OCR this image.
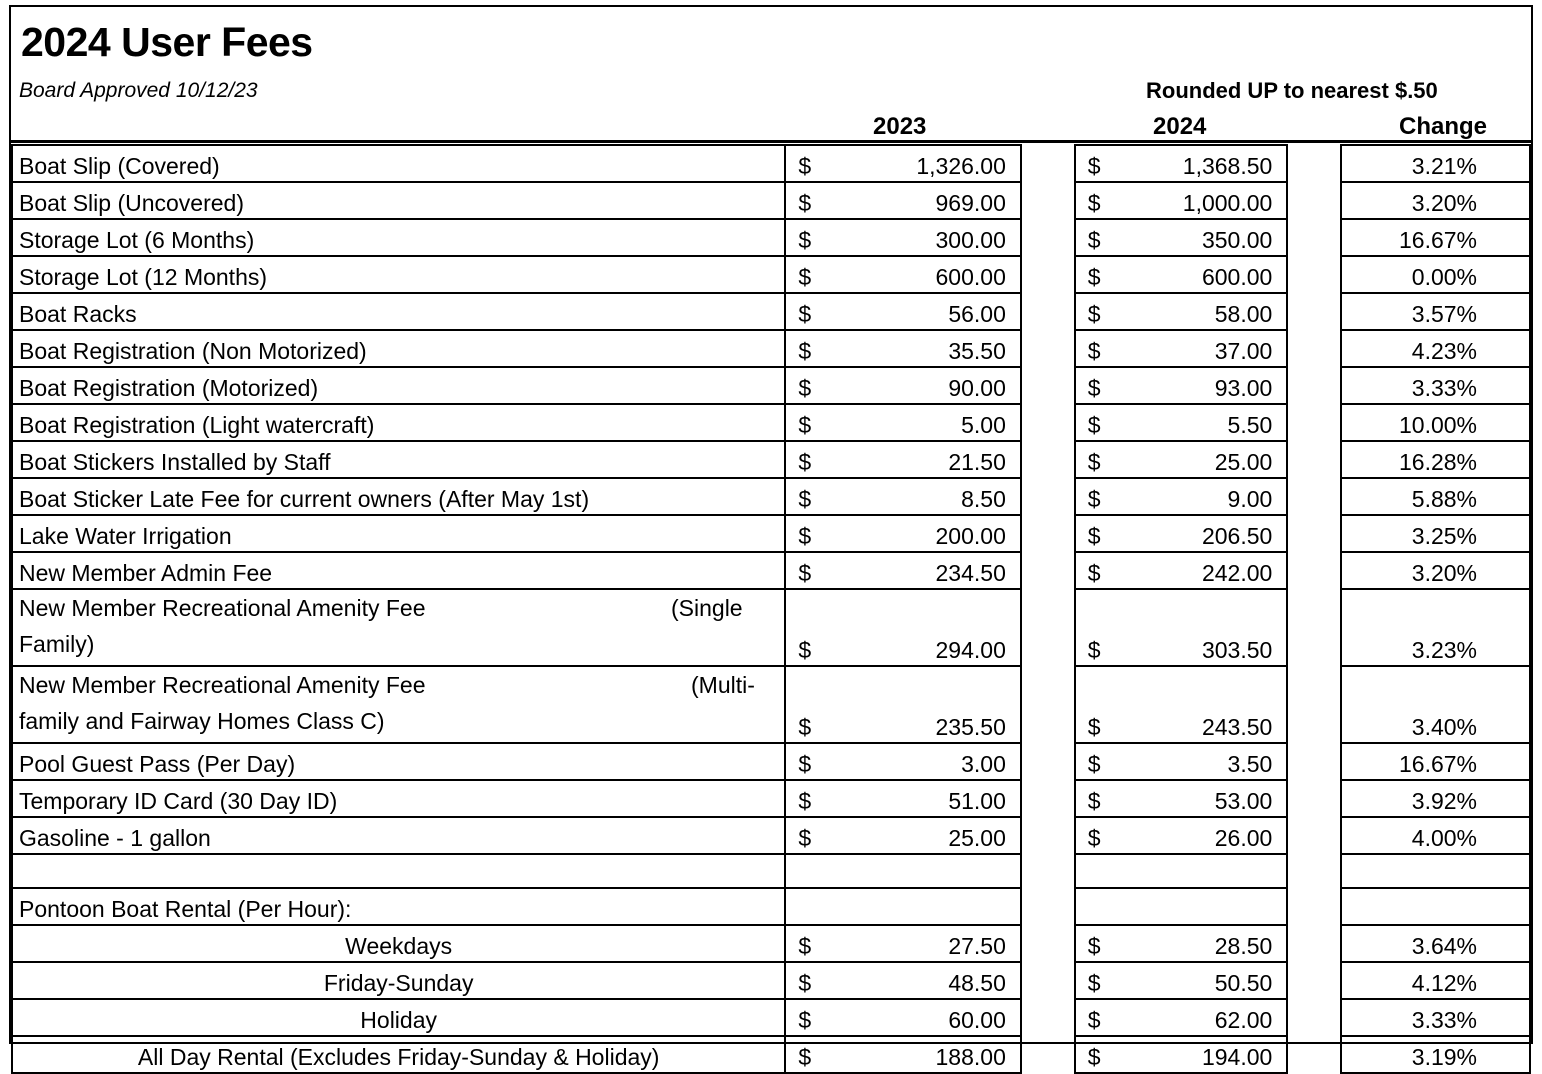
2024 User Fees
Board Approved 10/12/23	Rounded UP to nearest $.50
2023	2024	Change
Boat Slip (Covered)	$ 1,326.00		$ 1,368.50		3.21%
Boat Slip (Uncovered)	$ 969.00		$ 1,000.00		3.20%
Storage Lot (6 Months)	$ 300.00		$ 350.00		16.67%
Storage Lot (12 Months)	$ 600.00		$ 600.00		0.00%
Boat Racks	$ 56.00		$ 58.00		3.57%
Boat Registration (Non Motorized)	$ 35.50		$ 37.00		4.23%
Boat Registration (Motorized)	$ 90.00		$ 93.00		3.33%
Boat Registration (Light watercraft)	$ 5.00		$ 5.50		10.00%
Boat Stickers Installed by Staff	$ 21.50		$ 25.00		16.28%
Boat Sticker Late Fee for current owners (After May 1st)	$ 8.50		$ 9.00		5.88%
Lake Water Irrigation	$ 200.00		$ 206.50		3.25%
New Member Admin Fee	$ 234.50		$ 242.00		3.20%

New Member Recreational Amenity Fee (Single
Family)	$ 294.00		$ 303.50		3.23%

New Member Recreational Amenity Fee (Multi-
family and Fairway Homes Class C)	$ 235.50		$ 243.50		3.40%
Pool Guest Pass (Per Day)	$ 3.00		$ 3.50		16.67%
Temporary ID Card (30 Day ID)	$ 51.00		$ 53.00		3.92%
Gasoline - 1 gallon	$ 25.00		$ 26.00		4.00%

Pontoon Boat Rental (Per Hour):					
Weekdays	$ 27.50		$ 28.50		3.64%
Friday-Sunday	$ 48.50		$ 50.50		4.12%
Holiday	$ 60.00		$ 62.00		3.33%
All Day Rental (Excludes Friday-Sunday & Holiday)	$ 188.00		$ 194.00		3.19%
